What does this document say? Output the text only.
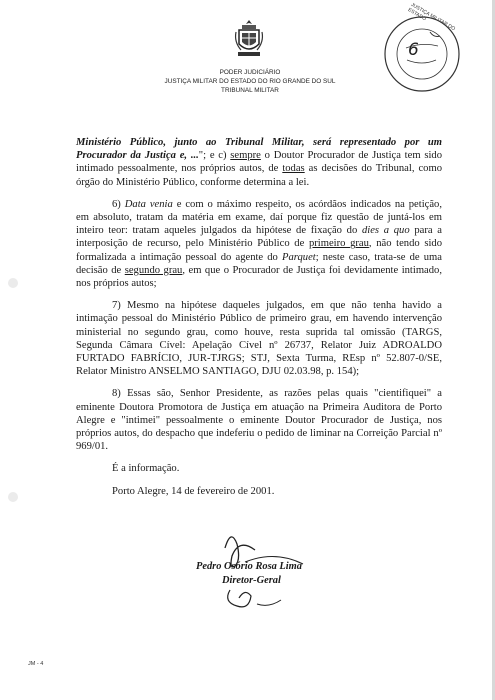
JUSTIÇA MILITAR DO ESTADO
6
PODER JUDICIÁRIO
JUSTIÇA MILITAR DO ESTADO DO RIO GRANDE DO SUL
TRIBUNAL MILITAR

Ministério Público, junto ao Tribunal Militar, será representado por um Procurador da Justiça e, ..."; e c) sempre o Doutor Procurador de Justiça tem sido intimado pessoalmente, nos próprios autos, de todas as decisões do Tribunal, como órgão do Ministério Público, conforme determina a lei.

6) Data venia e com o máximo respeito, os acórdãos indicados na petição, em absoluto, tratam da matéria em exame, daí porque fiz questão de juntá-los em inteiro teor: tratam aqueles julgados da hipótese de fixação do dies a quo para a interposição de recurso, pelo Ministério Público de primeiro grau, não tendo sido formalizada a intimação pessoal do agente do Parquet; neste caso, trata-se de uma decisão de segundo grau, em que o Procurador de Justiça foi devidamente intimado, nos próprios autos;

7) Mesmo na hipótese daqueles julgados, em que não tenha havido a intimação pessoal do Ministério Público de primeiro grau, em havendo intervenção ministerial no segundo grau, como houve, resta suprida tal omissão (TARGS, Segunda Câmara Cível: Apelação Cível nº 26737, Relator Juiz ADROALDO FURTADO FABRÍCIO, JUR-TJRGS; STJ, Sexta Turma, REsp nº 52.807-0/SE, Relator Ministro ANSELMO SANTIAGO, DJU 02.03.98, p. 154);

8) Essas são, Senhor Presidente, as razões pelas quais "cientifiquei" a eminente Doutora Promotora de Justiça em atuação na Primeira Auditora de Porto Alegre e "intimei" pessoalmente o eminente Doutor Procurador de Justiça, nos próprios autos, do despacho que indeferiu o pedido de liminar na Correição Parcial nº 969/01.

É a informação.

Porto Alegre, 14 de fevereiro de 2001.

Pedro Osório Rosa Lima
Diretor-Geral
JM - 4
